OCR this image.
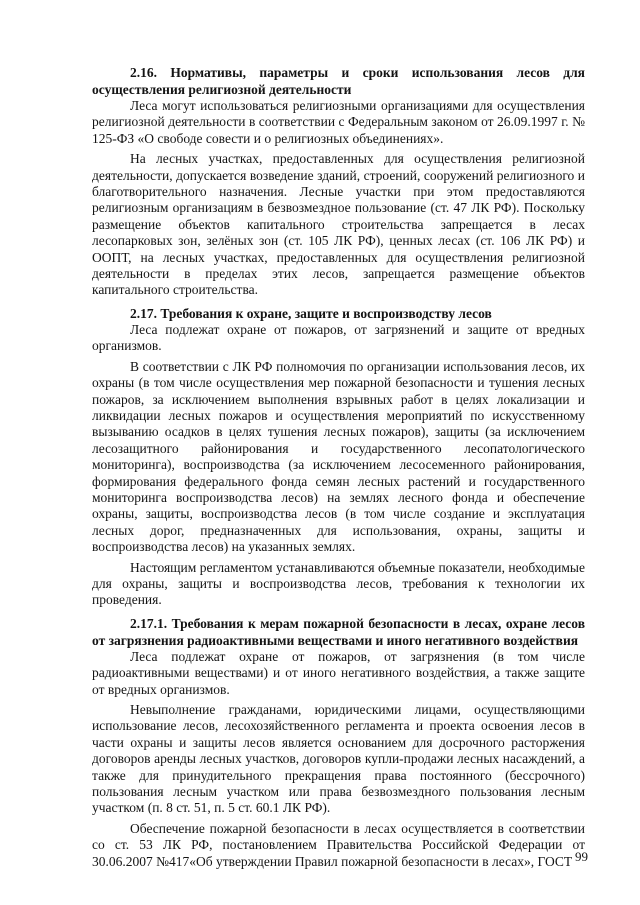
2.16. Нормативы, параметры и сроки использования лесов для осуществления религиозной деятельности

Леса могут использоваться религиозными организациями для осуществления религиозной деятельности в соответствии с Федеральным законом от 26.09.1997 г. № 125-ФЗ «О свободе совести и о религиозных объединениях».

На лесных участках, предоставленных для осуществления религиозной деятельности, допускается возведение зданий, строений, сооружений религиозного и благотворительного назначения. Лесные участки при этом предоставляются религиозным организациям в безвозмездное пользование (ст. 47 ЛК РФ). Поскольку размещение объектов капитального строительства запрещается в лесах лесопарковых зон, зелёных зон (ст. 105 ЛК РФ), ценных лесах (ст. 106 ЛК РФ) и ООПТ, на лесных участках, предоставленных для осуществления религиозной деятельности в пределах этих лесов, запрещается размещение объектов капитального строительства.

2.17. Требования к охране, защите и воспроизводству лесов

Леса подлежат охране от пожаров, от загрязнений и защите от вредных организмов.

В соответствии с ЛК РФ полномочия по организации использования лесов, их охраны (в том числе осуществления мер пожарной безопасности и тушения лесных пожаров, за исключением выполнения взрывных работ в целях локализации и ликвидации лесных пожаров и осуществления мероприятий по искусственному вызыванию осадков в целях тушения лесных пожаров), защиты (за исключением лесозащитного районирования и государственного лесопатологического мониторинга), воспроизводства (за исключением лесосеменного районирования, формирования федерального фонда семян лесных растений и государственного мониторинга воспроизводства лесов) на землях лесного фонда и обеспечение охраны, защиты, воспроизводства лесов (в том числе создание и эксплуатация лесных дорог, предназначенных для использования, охраны, защиты и воспроизводства лесов) на указанных землях.

Настоящим регламентом устанавливаются объемные показатели, необходимые для охраны, защиты и воспроизводства лесов, требования к технологии их проведения.

2.17.1. Требования к мерам пожарной безопасности в лесах, охране лесов от загрязнения радиоактивными веществами и иного негативного воздействия

Леса подлежат охране от пожаров, от загрязнения (в том числе радиоактивными веществами) и от иного негативного воздействия, а также защите от вредных организмов.

Невыполнение гражданами, юридическими лицами, осуществляющими использование лесов, лесохозяйственного регламента и проекта освоения лесов в части охраны и защиты лесов является основанием для досрочного расторжения договоров аренды лесных участков, договоров купли-продажи лесных насаждений, а также для принудительного прекращения права постоянного (бессрочного) пользования лесным участком или права безвозмездного пользования лесным участком (п. 8 ст. 51, п. 5 ст. 60.1 ЛК РФ).

Обеспечение пожарной безопасности в лесах осуществляется в соответствии со ст. 53 ЛК РФ, постановлением Правительства Российской Федерации от 30.06.2007 №417«Об утверждении Правил пожарной безопасности в лесах», ГОСТ 99
